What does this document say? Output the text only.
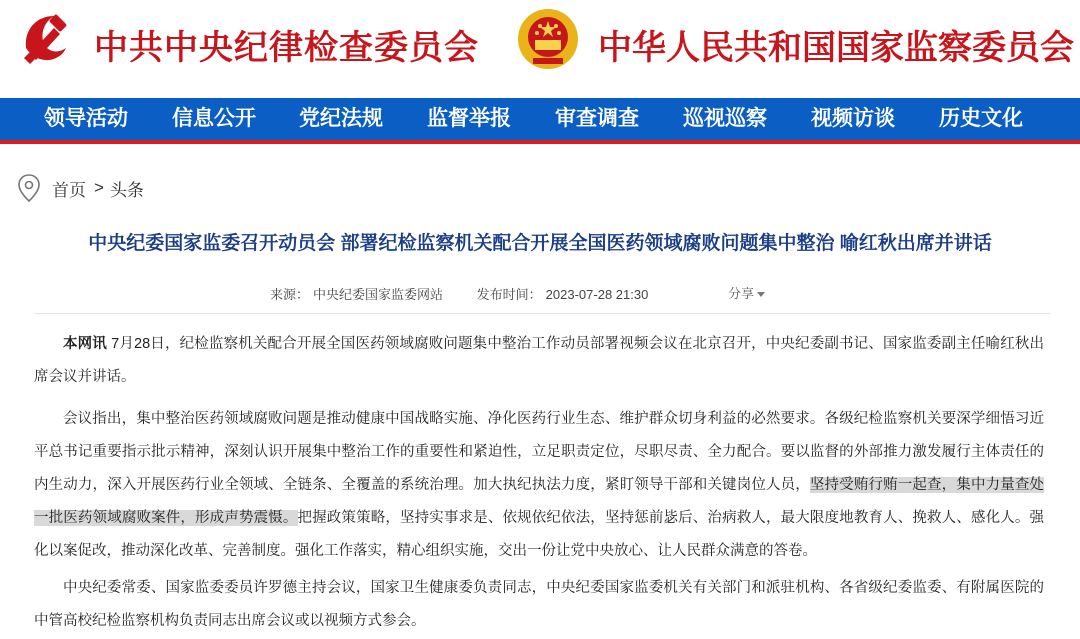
中共中央纪律检查委员会	中华人民共和国国家监察委员会
领导活动 信息公开 党纪法规 监督举报 审查调查 巡视巡察 视频访谈 历史文化
首页 > 头条
中央纪委国家监委召开动员会 部署纪检监察机关配合开展全国医药领域腐败问题集中整治 喻红秋出席并讲话
来源： 中央纪委国家监委网站	发布时间： 2023-07-28 21:30	分享
本网讯 7月28日，纪检监察机关配合开展全国医药领域腐败问题集中整治工作动员部署视频会议在北京召开，中央纪委副书记、国家监委副主任喻红秋出席会议并讲话。
会议指出，集中整治医药领域腐败问题是推动健康中国战略实施、净化医药行业生态、维护群众切身利益的必然要求。各级纪检监察机关要深学细悟习近平总书记重要指示批示精神，深刻认识开展集中整治工作的重要性和紧迫性，立足职责定位，尽职尽责、全力配合。要以监督的外部推力激发履行主体责任的内生动力，深入开展医药行业全领域、全链条、全覆盖的系统治理。加大执纪执法力度，紧盯领导干部和关键岗位人员，坚持受贿行贿一起查，集中力量查处一批医药领域腐败案件，形成声势震慑。把握政策策略，坚持实事求是、依规依纪依法，坚持惩前毖后、治病救人，最大限度地教育人、挽救人、感化人。强化以案促改，推动深化改革、完善制度。强化工作落实，精心组织实施，交出一份让党中央放心、让人民群众满意的答卷。
中央纪委常委、国家监委委员许罗德主持会议，国家卫生健康委负责同志，中央纪委国家监委机关有关部门和派驻机构、各省级纪委监委、有附属医院的中管高校纪检监察机构负责同志出席会议或以视频方式参会。
